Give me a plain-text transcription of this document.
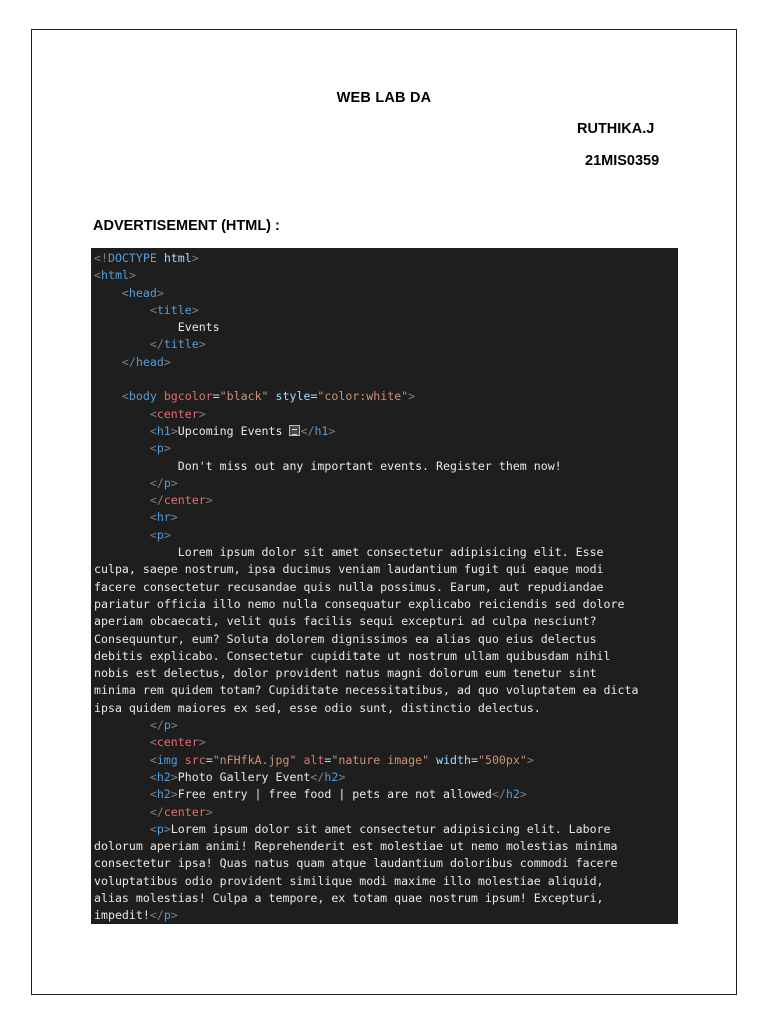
WEB LAB DA
RUTHIKA.J
21MIS0359
ADVERTISEMENT (HTML) :
<!DOCTYPE html>
<html>
<head>
<title>
Events
</title>
</head>
<body bgcolor="black" style="color:white">
<center>
<h1>Upcoming Events </h1>
<p>
Don't miss out any important events. Register them now!
</p>
</center>
<hr>
<p>
Lorem ipsum dolor sit amet consectetur adipisicing elit. Esse
culpa, saepe nostrum, ipsa ducimus veniam laudantium fugit qui eaque modi
facere consectetur recusandae quis nulla possimus. Earum, aut repudiandae
pariatur officia illo nemo nulla consequatur explicabo reiciendis sed dolore
aperiam obcaecati, velit quis facilis sequi excepturi ad culpa nesciunt?
Consequuntur, eum? Soluta dolorem dignissimos ea alias quo eius delectus
debitis explicabo. Consectetur cupiditate ut nostrum ullam quibusdam nihil
nobis est delectus, dolor provident natus magni dolorum eum tenetur sint
minima rem quidem totam? Cupiditate necessitatibus, ad quo voluptatem ea dicta
ipsa quidem maiores ex sed, esse odio sunt, distinctio delectus.
</p>
<center>
<img src="nFHfkA.jpg" alt="nature image" width="500px">
<h2>Photo Gallery Event</h2>
<h2>Free entry | free food | pets are not allowed</h2>
</center>
<p>Lorem ipsum dolor sit amet consectetur adipisicing elit. Labore
dolorum aperiam animi! Reprehenderit est molestiae ut nemo molestias minima
consectetur ipsa! Quas natus quam atque laudantium doloribus commodi facere
voluptatibus odio provident similique modi maxime illo molestiae aliquid,
alias molestias! Culpa a tempore, ex totam quae nostrum ipsum! Excepturi,
impedit!</p>
